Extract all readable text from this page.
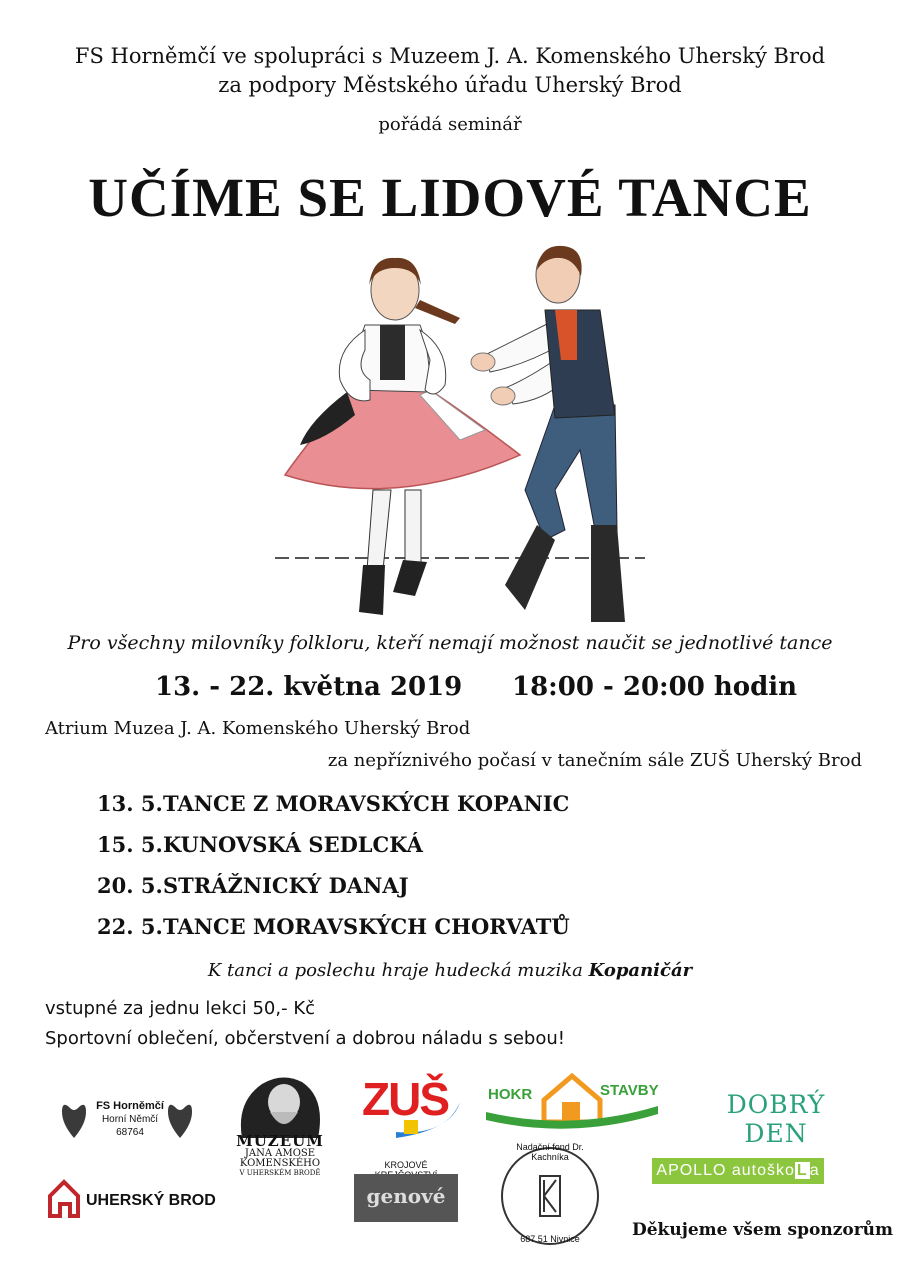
FS Horněmčí ve spolupráci s Muzeem J. A. Komenského Uherský Brod
za podpory Městského úřadu Uherský Brod
pořádá seminář
UČÍME SE LIDOVÉ TANCE
Pro všechny milovníky folkloru, kteří nemají možnost naučit se jednotlivé tance
13. - 22. května 2019 18:00 - 20:00 hodin
Atrium Muzea J. A. Komenského Uherský Brod
za nepříznivého počasí v tanečním sále ZUŠ Uherský Brod
13. 5.TANCE Z MORAVSKÝCH KOPANIC
15. 5.KUNOVSKÁ SEDLCKÁ
20. 5.STRÁŽNICKÝ DANAJ
22. 5.TANCE MORAVSKÝCH CHORVATŮ
K tanci a poslechu hraje hudecká muzika Kopaničár
vstupné za jednu lekci 50,- Kč
Sportovní oblečení, občerstvení a dobrou náladu s sebou!
FS Horněmčí
Horní Němčí
68764
UHERSKÝ BROD
MUZEUM
JANA AMOSE
KOMENSKÉHO
V UHERSKÉM BRODĚ
ZUŠ
KROJOVÉ
genové
HOKR	STAVBY
Nadační fond Dr. Kachníka
687 51 Nivnice
DOBRÝ DEN
APOLLO autoško L a
Děkujeme všem sponzorům
